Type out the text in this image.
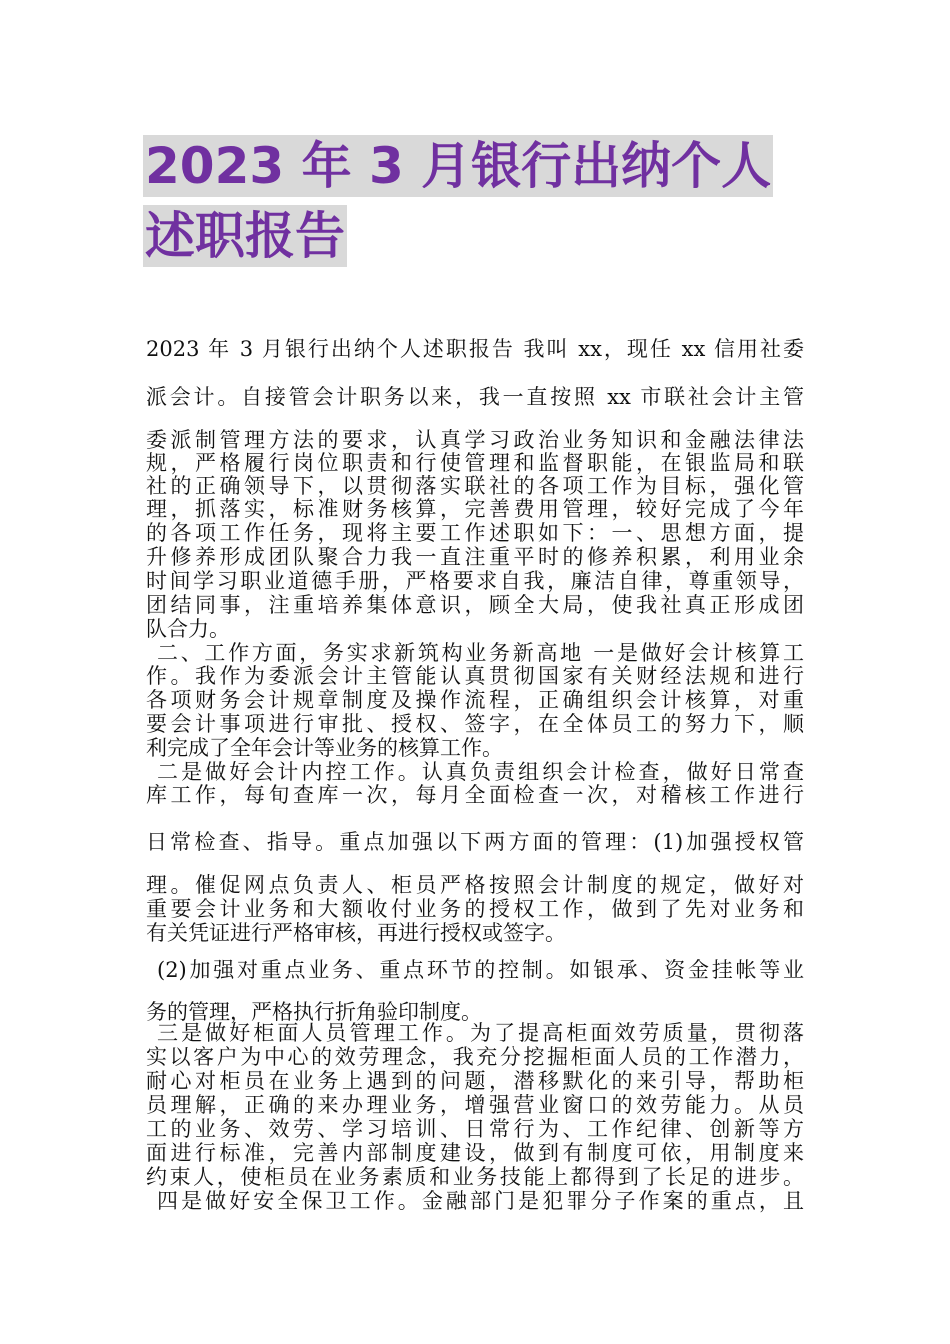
2023 年 3 月银行出纳个人
述职报告
2023 年 3 月银行出纳个人述职报告 我叫 xx，现任 xx 信用社委
派会计。自接管会计职务以来，我一直按照 xx 市联社会计主管
委派制管理方法的要求，认真学习政治业务知识和金融法律法
规，严格履行岗位职责和行使管理和监督职能，在银监局和联
社的正确领导下，以贯彻落实联社的各项工作为目标，强化管
理，抓落实，标准财务核算，完善费用管理，较好完成了今年
的各项工作任务，现将主要工作述职如下：一、思想方面，提
升修养形成团队聚合力我一直注重平时的修养积累，利用业余
时间学习职业道德手册，严格要求自我，廉洁自律，尊重领导，
团结同事，注重培养集体意识，顾全大局，使我社真正形成团
队合力。
二、工作方面，务实求新筑构业务新高地 一是做好会计核算工
作。我作为委派会计主管能认真贯彻国家有关财经法规和进行
各项财务会计规章制度及操作流程，正确组织会计核算，对重
要会计事项进行审批、授权、签字，在全体员工的努力下，顺
利完成了全年会计等业务的核算工作。
二是做好会计内控工作。认真负责组织会计检查，做好日常查
库工作，每旬查库一次，每月全面检查一次，对稽核工作进行
日常检查、指导。重点加强以下两方面的管理：(1)加强授权管
理。催促网点负责人、柜员严格按照会计制度的规定，做好对
重要会计业务和大额收付业务的授权工作，做到了先对业务和
有关凭证进行严格审核，再进行授权或签字。
(2)加强对重点业务、重点环节的控制。如银承、资金挂帐等业
务的管理，严格执行折角验印制度。
三是做好柜面人员管理工作。为了提高柜面效劳质量，贯彻落
实以客户为中心的效劳理念，我充分挖掘柜面人员的工作潜力，
耐心对柜员在业务上遇到的问题，潜移默化的来引导，帮助柜
员理解，正确的来办理业务，增强营业窗口的效劳能力。从员
工的业务、效劳、学习培训、日常行为、工作纪律、创新等方
面进行标准，完善内部制度建设，做到有制度可依，用制度来
约束人，使柜员在业务素质和业务技能上都得到了长足的进步。
四是做好安全保卫工作。金融部门是犯罪分子作案的重点，且
